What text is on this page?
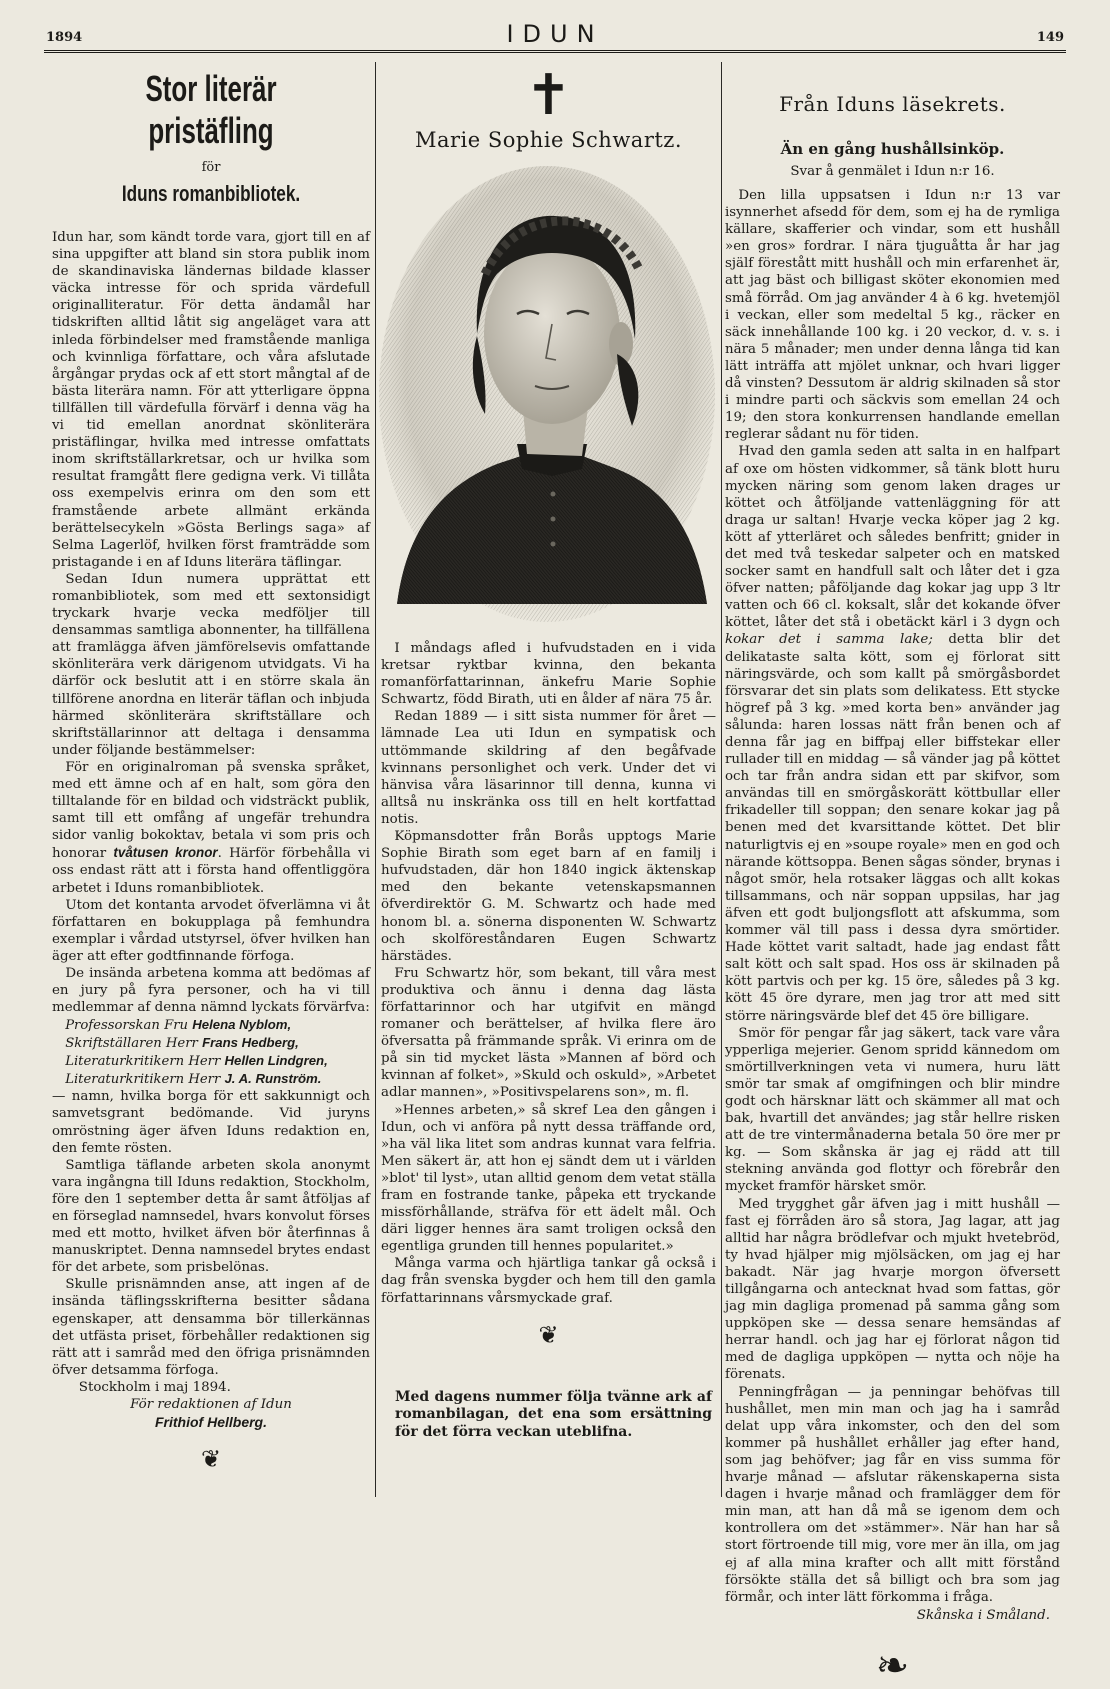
1894	IDUN	149
Stor literär pristäfling
för
Iduns romanbibliotek.

Idun har, som kändt torde vara, gjort till en af sina uppgifter att bland sin stora publik inom de skandinaviska ländernas bildade klasser väcka intresse för och sprida värdefull originalliteratur. För detta ändamål har tidskriften alltid låtit sig angeläget vara att inleda förbindelser med framstående manliga och kvinnliga författare, och våra afslutade årgångar prydas ock af ett stort mångtal af de bästa literära namn. För att ytterligare öppna tillfällen till värdefulla förvärf i denna väg ha vi tid emellan anordnat skönliterära pristäflingar, hvilka med intresse omfattats inom skriftställarkretsar, och ur hvilka som resultat framgått flere gedigna verk. Vi tillåta oss exempelvis erinra om den som ett framstående arbete allmänt erkända berättelsecykeln »Gösta Berlings saga» af Selma Lagerlöf, hvilken först framträdde som pristagande i en af Iduns literära täflingar.

Sedan Idun numera upprättat ett romanbibliotek, som med ett sextonsidigt tryckark hvarje vecka medföljer till densammas samtliga abonnenter, ha tillfällena att framlägga äfven jämförelsevis omfattande skönliterära verk därigenom utvidgats. Vi ha därför ock beslutit att i en större skala än tillförene anordna en literär täflan och inbjuda härmed skönliterära skriftställare och skriftställarinnor att deltaga i densamma under följande bestämmelser:

För en originalroman på svenska språket, med ett ämne och af en halt, som göra den tilltalande för en bildad och vidsträckt publik, samt till ett omfång af ungefär trehundra sidor vanlig bokoktav, betala vi som pris och honorar tvåtusen kronor. Härför förbehålla vi oss endast rätt att i första hand offentliggöra arbetet i Iduns romanbibliotek.

Utom det kontanta arvodet öfverlämna vi åt författaren en bokupplaga på femhundra exemplar i vårdad utstyrsel, öfver hvilken han äger att efter godtfinnande förfoga.

De insända arbetena komma att bedömas af en jury på fyra personer, och ha vi till medlemmar af denna nämnd lyckats förvärfva:

Professorskan Fru Helena Nyblom,

Skriftställaren Herr Frans Hedberg,

Literaturkritikern Herr Hellen Lindgren,

Literaturkritikern Herr J. A. Runström.

— namn, hvilka borga för ett sakkunnigt och samvetsgrant bedömande. Vid juryns omröstning äger äfven Iduns redaktion en, den femte rösten.

Samtliga täflande arbeten skola anonymt vara ingångna till Iduns redaktion, Stockholm, före den 1 september detta år samt åtföljas af en förseglad namnsedel, hvars konvolut förses med ett motto, hvilket äfven bör återfinnas å manuskriptet. Denna namnsedel brytes endast för det arbete, som prisbelönas.

Skulle prisnämnden anse, att ingen af de insända täflingsskrifterna besitter sådana egenskaper, att densamma bör tillerkännas det utfästa priset, förbehåller redaktionen sig rätt att i samråd med den öfriga prisnämnden öfver detsamma förfoga.

Stockholm i maj 1894.

För redaktionen af Idun

Frithiof Hellberg.

❦
✝
Marie Sophie Schwartz.

I måndags afled i hufvudstaden en i vida kretsar ryktbar kvinna, den bekanta romanförfattarinnan, änkefru Marie Sophie Schwartz, född Birath, uti en ålder af nära 75 år.

Redan 1889 — i sitt sista nummer för året — lämnade Lea uti Idun en sympatisk och uttömmande skildring af den begåfvade kvinnans personlighet och verk. Under det vi hänvisa våra läsarinnor till denna, kunna vi alltså nu inskränka oss till en helt kortfattad notis.

Köpmansdotter från Borås upptogs Marie Sophie Birath som eget barn af en familj i hufvudstaden, där hon 1840 ingick äktenskap med den bekante vetenskapsmannen öfverdirektör G. M. Schwartz och hade med honom bl. a. sönerna disponenten W. Schwartz och skolföreståndaren Eugen Schwartz härstädes.

Fru Schwartz hör, som bekant, till våra mest produktiva och ännu i denna dag lästa författarinnor och har utgifvit en mängd romaner och berättelser, af hvilka flere äro öfversatta på främmande språk. Vi erinra om de på sin tid mycket lästa »Mannen af börd och kvinnan af folket», »Skuld och oskuld», »Arbetet adlar mannen», »Positivspelarens son», m. fl.

»Hennes arbeten,» så skref Lea den gången i Idun, och vi anföra på nytt dessa träffande ord, »ha väl lika litet som andras kunnat vara felfria. Men säkert är, att hon ej sändt dem ut i världen »blot' til lyst», utan alltid genom dem vetat ställa fram en fostrande tanke, påpeka ett tryckande missförhållande, sträfva för ett ädelt mål. Och däri ligger hennes ära samt troligen också den egentliga grunden till hennes popularitet.»

Många varma och hjärtliga tankar gå också i dag från svenska bygder och hem till den gamla författarinnans vårsmyckade graf.

❦

Med dagens nummer följa tvänne ark af romanbilagan, det ena som ersättning för det förra veckan uteblifna.

Från Iduns läsekrets.
Än en gång hushållsinköp.
Svar å genmälet i Idun n:r 16.

Den lilla uppsatsen i Idun n:r 13 var isynnerhet afsedd för dem, som ej ha de rymliga källare, skafferier och vindar, som ett hushåll »en gros» fordrar. I nära tjuguåtta år har jag själf förestått mitt hushåll och min erfarenhet är, att jag bäst och billigast sköter ekonomien med små förråd. Om jag använder 4 à 6 kg. hvetemjöl i veckan, eller som medeltal 5 kg., räcker en säck innehållande 100 kg. i 20 veckor, d. v. s. i nära 5 månader; men under denna långa tid kan lätt inträffa att mjölet unknar, och hvari ligger då vinsten? Dessutom är aldrig skilnaden så stor i mindre parti och säckvis som emellan 24 och 19; den stora konkurrensen handlande emellan reglerar sådant nu för tiden.

Hvad den gamla seden att salta in en halfpart af oxe om hösten vidkommer, så tänk blott huru mycken näring som genom laken drages ur köttet och åtföljande vattenläggning för att draga ur saltan! Hvarje vecka köper jag 2 kg. kött af ytterläret och således benfritt; gnider in det med två teskedar salpeter och en matsked socker samt en handfull salt och låter det i gza öfver natten; påföljande dag kokar jag upp 3 ltr vatten och 66 cl. koksalt, slår det kokande öfver köttet, låter det stå i obetäckt kärl i 3 dygn och kokar det i samma lake; detta blir det delikataste salta kött, som ej förlorat sitt näringsvärde, och som kallt på smörgåsbordet försvarar det sin plats som delikatess. Ett stycke högref på 3 kg. »med korta ben» använder jag sålunda: haren lossas nätt från benen och af denna får jag en biffpaj eller biffstekar eller rullader till en middag — så vänder jag på köttet och tar från andra sidan ett par skifvor, som användas till en smörgåskorätt köttbullar eller frikadeller till soppan; den senare kokar jag på benen med det kvarsittande köttet. Det blir naturligtvis ej en »soupe royale» men en god och närande köttsoppa. Benen sågas sönder, brynas i något smör, hela rotsaker läggas och allt kokas tillsammans, och när soppan uppsilas, har jag äfven ett godt buljongsflott att afskumma, som kommer väl till pass i dessa dyra smörtider. Hade köttet varit saltadt, hade jag endast fått salt kött och salt spad. Hos oss är skilnaden på kött partvis och per kg. 15 öre, således på 3 kg. kött 45 öre dyrare, men jag tror att med sitt större näringsvärde blef det 45 öre billigare.

Smör för pengar får jag säkert, tack vare våra ypperliga mejerier. Genom spridd kännedom om smörtillverkningen veta vi numera, huru lätt smör tar smak af omgifningen och blir mindre godt och härsknar lätt och skämmer all mat och bak, hvartill det användes; jag står hellre risken att de tre vintermånaderna betala 50 öre mer pr kg. — Som skånska är jag ej rädd att till stekning använda god flottyr och förebrår den mycket framför härsket smör.

Med trygghet går äfven jag i mitt hushåll — fast ej förråden äro så stora, Jag lagar, att jag alltid har några brödlefvar och mjukt hvetebröd, ty hvad hjälper mig mjölsäcken, om jag ej har bakadt. När jag hvarje morgon öfversett tillgångarna och antecknat hvad som fattas, gör jag min dagliga promenad på samma gång som uppköpen ske — dessa senare hemsändas af herrar handl. och jag har ej förlorat någon tid med de dagliga uppköpen — nytta och nöje ha förenats.

Penningfrågan — ja penningar behöfvas till hushållet, men min man och jag ha i samråd delat upp våra inkomster, och den del som kommer på hushållet erhåller jag efter hand, som jag behöfver; jag får en viss summa för hvarje månad — afslutar räkenskaperna sista dagen i hvarje månad och framlägger dem för min man, att han då må se igenom dem och kontrollera om det »stämmer». När han har så stort förtroende till mig, vore mer än illa, om jag ej af alla mina krafter och allt mitt förstånd försökte ställa det så billigt och bra som jag förmår, och inter lätt förkomma i fråga.

Skånska i Småland.

❧
